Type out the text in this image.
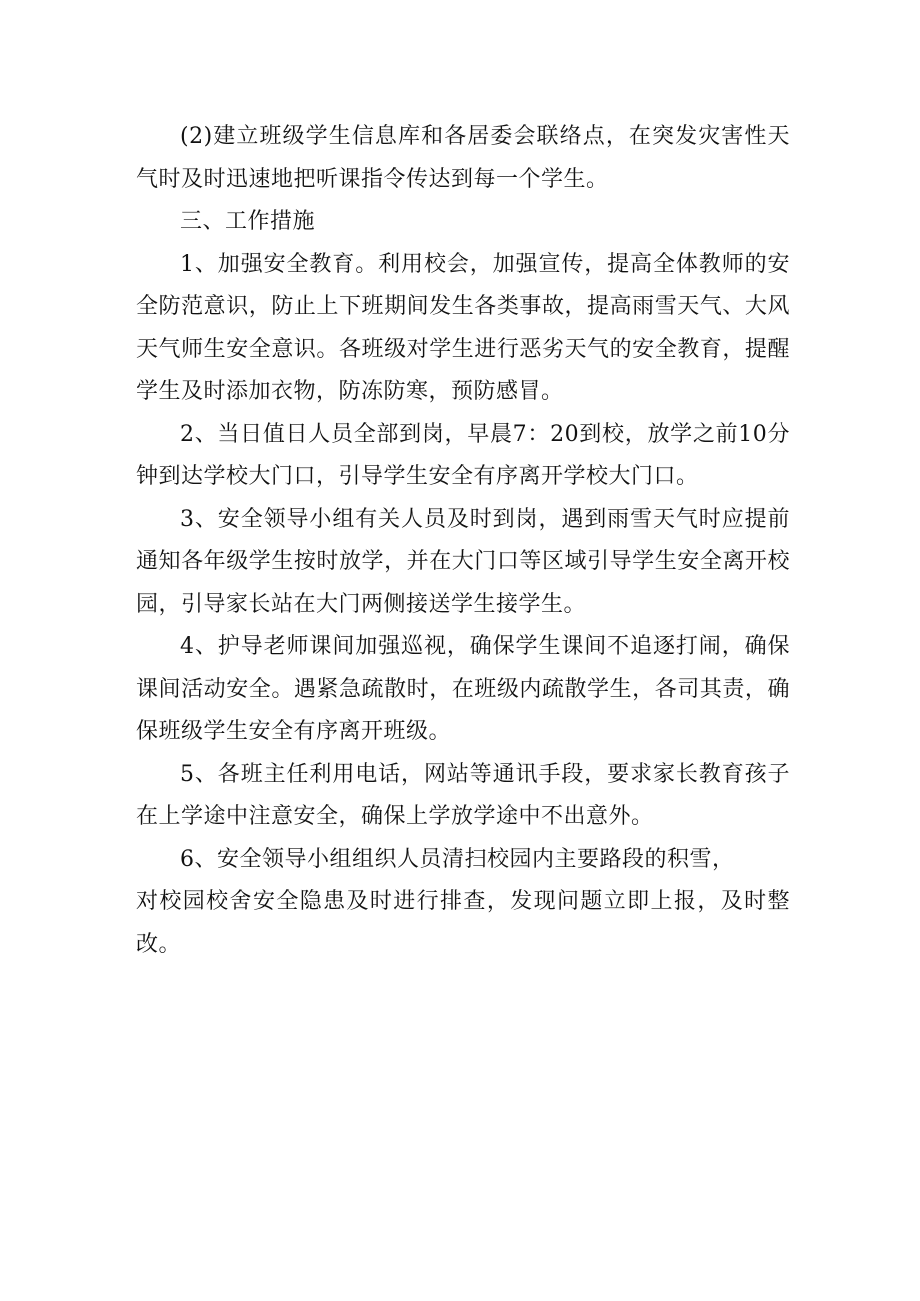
(2)建立班级学生信息库和各居委会联络点，在突发灾害性天气时及时迅速地把听课指令传达到每一个学生。

三、工作措施

1、加强安全教育。利用校会，加强宣传，提高全体教师的安全防范意识，防止上下班期间发生各类事故，提高雨雪天气、大风天气师生安全意识。各班级对学生进行恶劣天气的安全教育，提醒学生及时添加衣物，防冻防寒，预防感冒。

2、当日值日人员全部到岗，早晨7：20到校，放学之前10分钟到达学校大门口，引导学生安全有序离开学校大门口。

3、安全领导小组有关人员及时到岗，遇到雨雪天气时应提前通知各年级学生按时放学，并在大门口等区域引导学生安全离开校园，引导家长站在大门两侧接送学生接学生。

4、护导老师课间加强巡视，确保学生课间不追逐打闹，确保课间活动安全。遇紧急疏散时，在班级内疏散学生，各司其责，确保班级学生安全有序离开班级。

5、各班主任利用电话，网站等通讯手段，要求家长教育孩子在上学途中注意安全，确保上学放学途中不出意外。

6、安全领导小组组织人员清扫校园内主要路段的积雪，

对校园校舍安全隐患及时进行排查，发现问题立即上报，及时整改。
